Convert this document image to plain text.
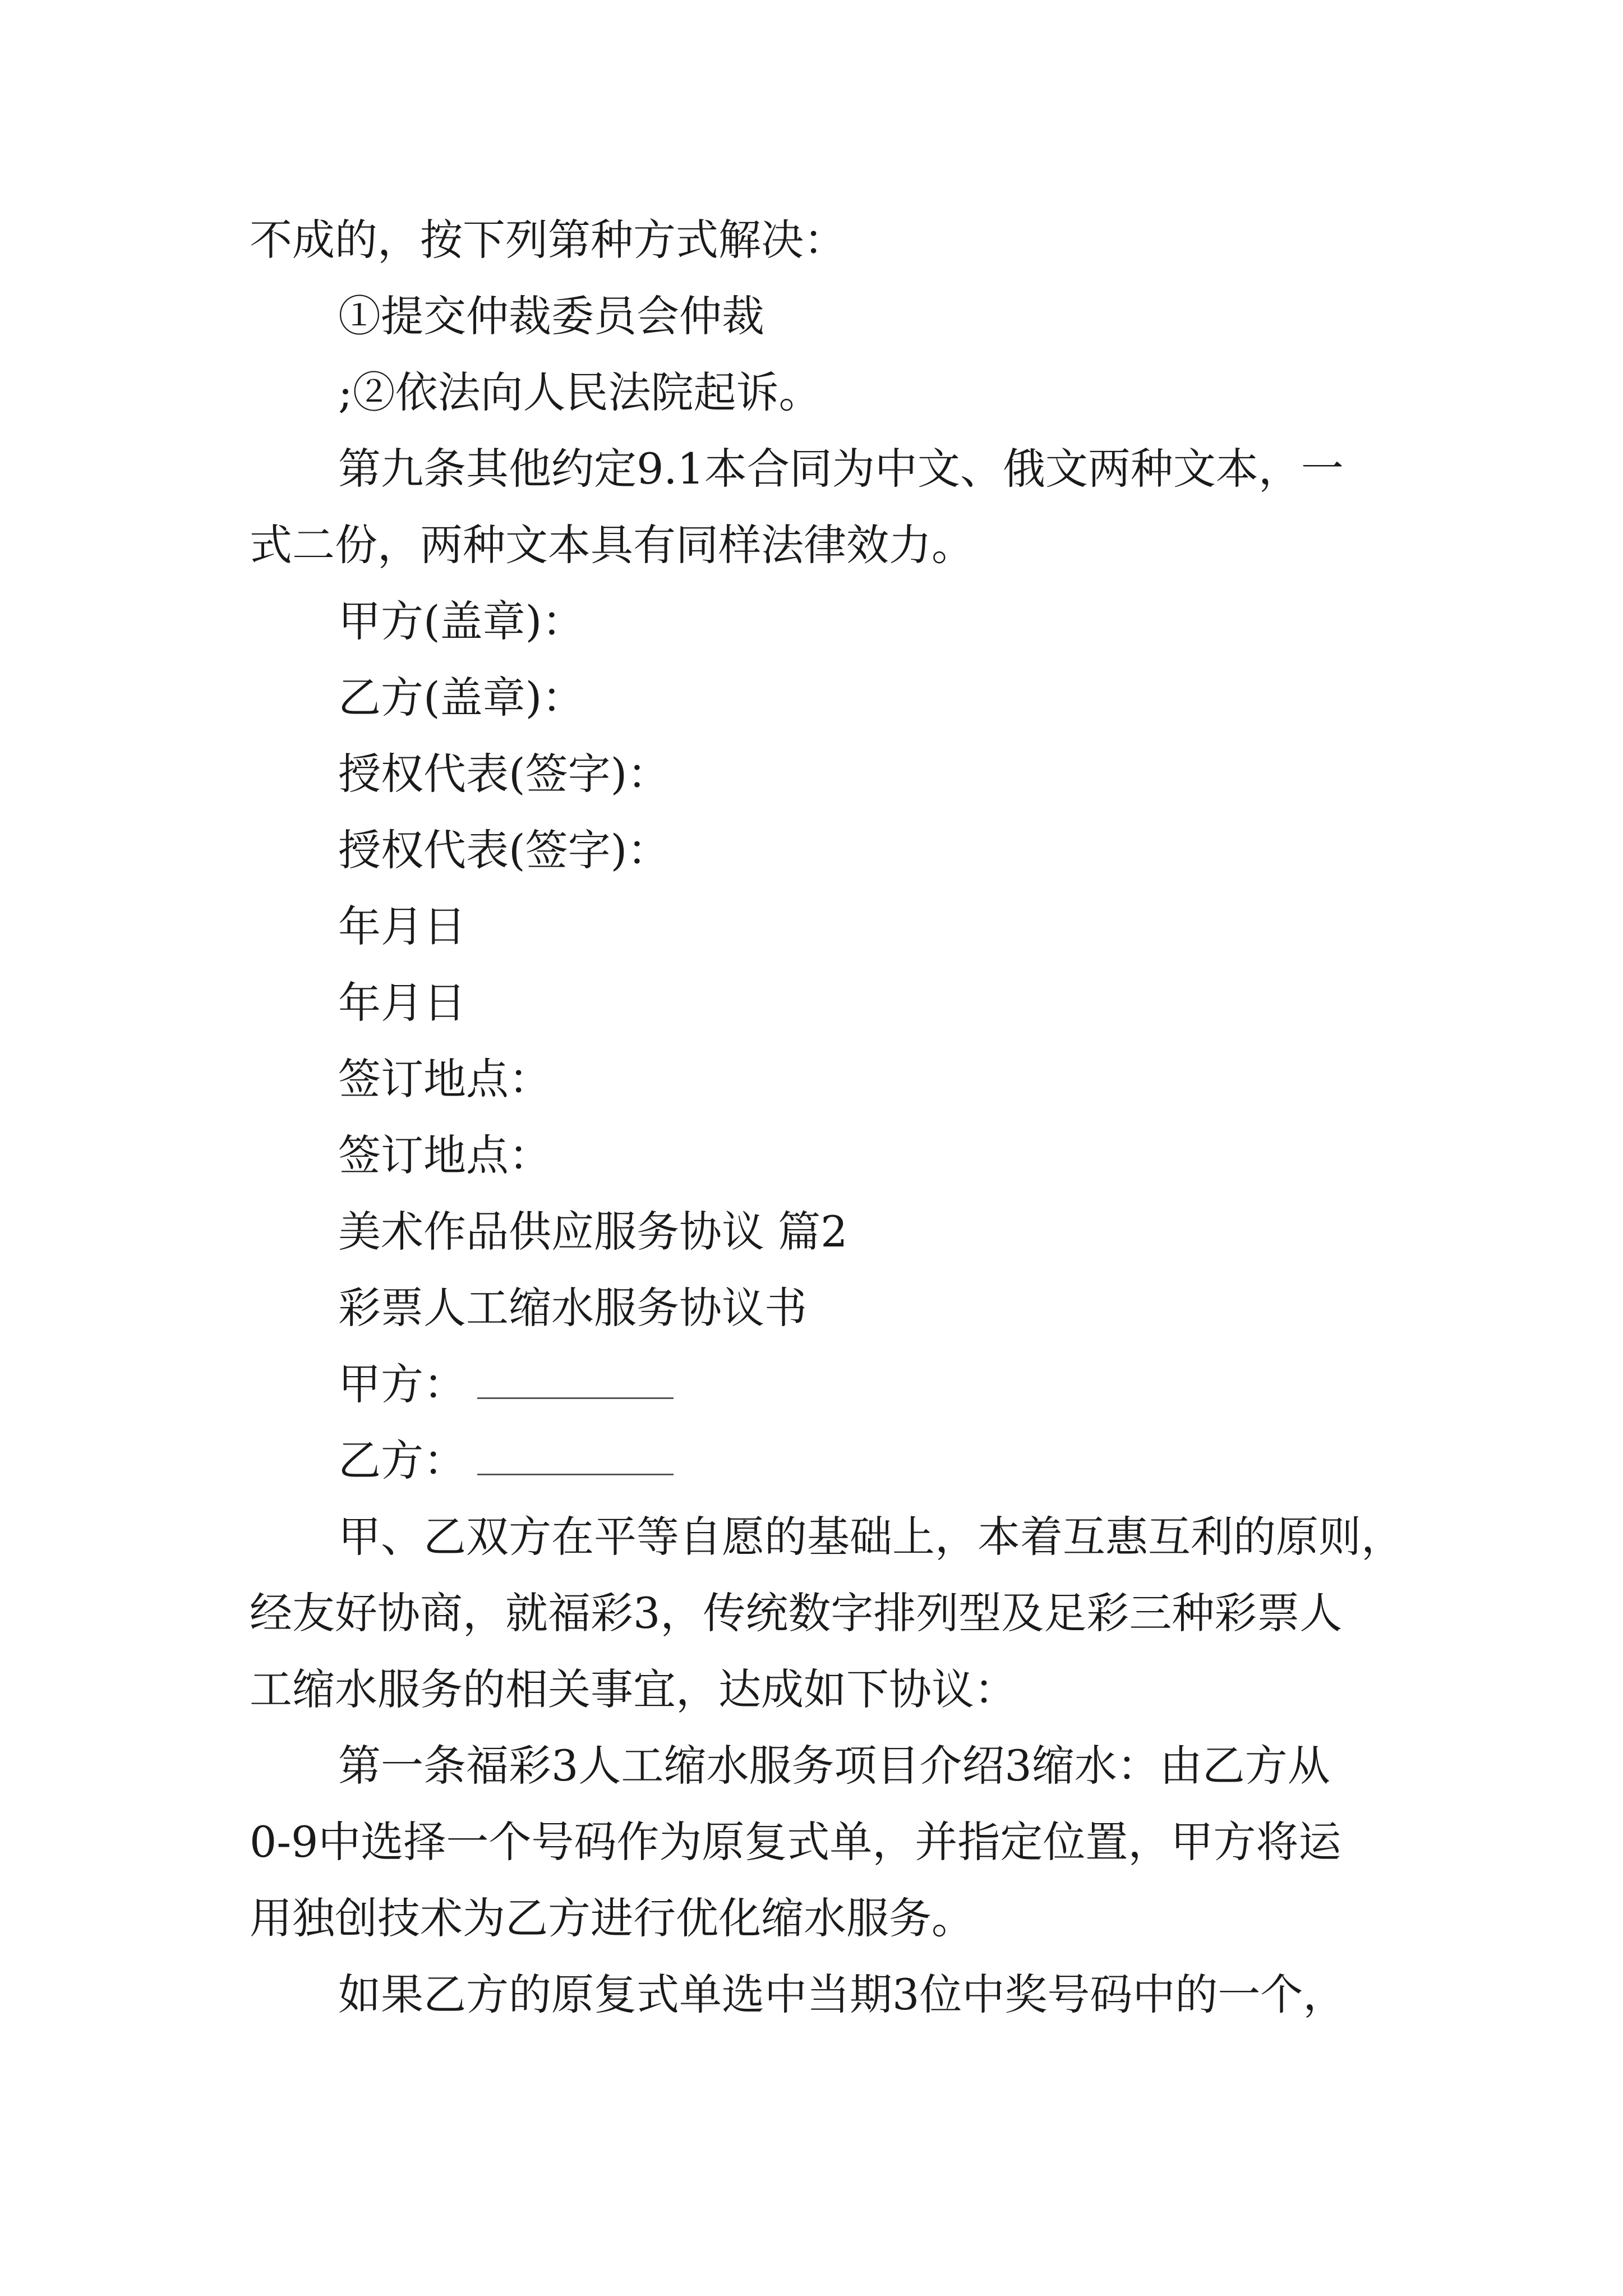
不成的，按下列第种方式解决：

①提交仲裁委员会仲裁

;②依法向人民法院起诉。

第九条其他约定9.1本合同为中文、俄文两种文本，一

式二份，两种文本具有同样法律效力。

甲方(盖章)：

乙方(盖章)：

授权代表(签字)：

授权代表(签字)：

年月日

年月日

签订地点：

签订地点：

美术作品供应服务协议 篇2

彩票人工缩水服务协议书

甲方：

乙方：

甲、乙双方在平等自愿的基础上，本着互惠互利的原则，

经友好协商，就福彩3，传统数字排列型及足彩三种彩票人

工缩水服务的相关事宜，达成如下协议：

第一条福彩3人工缩水服务项目介绍3缩水：由乙方从

0-9中选择一个号码作为原复式单，并指定位置，甲方将运

用独创技术为乙方进行优化缩水服务。

如果乙方的原复式单选中当期3位中奖号码中的一个，
